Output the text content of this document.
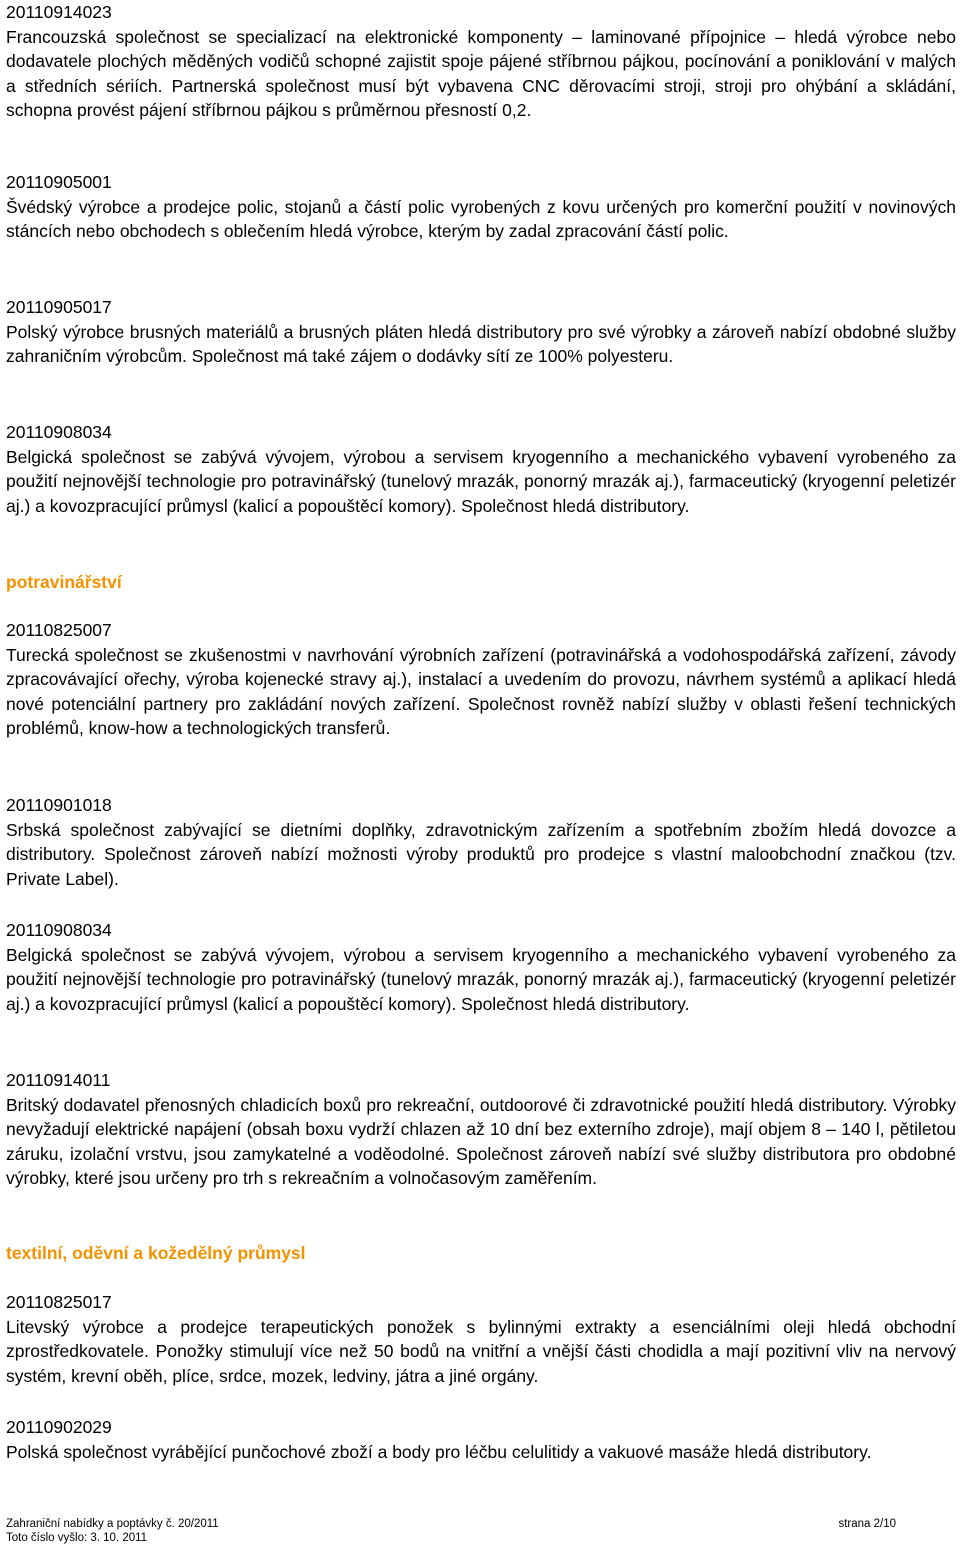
20110914023
Francouzská společnost se specializací na elektronické komponenty – laminované přípojnice – hledá výrobce nebo dodavatele plochých měděných vodičů schopné zajistit spoje pájené stříbrnou pájkou, pocínování a poniklování v malých a středních sériích. Partnerská společnost musí být vybavena CNC děrovacími stroji, stroji pro ohýbání a skládání, schopna provést pájení stříbrnou pájkou s průměrnou přesností 0,2.
20110905001
Švédský výrobce a prodejce polic, stojanů a částí polic vyrobených z kovu určených pro komerční použití v novinových stáncích nebo obchodech s oblečením hledá výrobce, kterým by zadal zpracování částí polic.
20110905017
Polský výrobce brusných materiálů a brusných pláten hledá distributory pro své výrobky a zároveň nabízí obdobné služby zahraničním výrobcům. Společnost má také zájem o dodávky sítí ze 100% polyesteru.
20110908034
Belgická společnost se zabývá vývojem, výrobou a servisem kryogenního a mechanického vybavení vyrobeného za použití nejnovější technologie pro potravinářský (tunelový mrazák, ponorný mrazák aj.), farmaceutický (kryogenní peletizér aj.) a kovozpracující průmysl (kalicí a popouštěcí komory). Společnost hledá distributory.
potravinářství
20110825007
Turecká společnost se zkušenostmi v navrhování výrobních zařízení (potravinářská a vodohospodářská zařízení, závody zpracovávající ořechy, výroba kojenecké stravy aj.), instalací a uvedením do provozu, návrhem systémů a aplikací hledá nové potenciální partnery pro zakládání nových zařízení. Společnost rovněž nabízí služby v oblasti řešení technických problémů, know-how a technologických transferů.
20110901018
Srbská společnost zabývající se dietními doplňky, zdravotnickým zařízením a spotřebním zbožím hledá dovozce a distributory. Společnost zároveň nabízí možnosti výroby produktů pro prodejce s vlastní maloobchodní značkou (tzv. Private Label).
20110908034
Belgická společnost se zabývá vývojem, výrobou a servisem kryogenního a mechanického vybavení vyrobeného za použití nejnovější technologie pro potravinářský (tunelový mrazák, ponorný mrazák aj.), farmaceutický (kryogenní peletizér aj.) a kovozpracující průmysl (kalicí a popouštěcí komory). Společnost hledá distributory.
20110914011
Britský dodavatel přenosných chladicích boxů pro rekreační, outdoorové či zdravotnické použití hledá distributory. Výrobky nevyžadují elektrické napájení (obsah boxu vydrží chlazen až 10 dní bez externího zdroje), mají objem 8 – 140 l, pětiletou záruku, izolační vrstvu, jsou zamykatelné a voděodolné. Společnost zároveň nabízí své služby distributora pro obdobné výrobky, které jsou určeny pro trh s rekreačním a volnočasovým zaměřením.
textilní, oděvní a kožedělný průmysl
20110825017
Litevský výrobce a prodejce terapeutických ponožek s bylinnými extrakty a esenciálními oleji hledá obchodní zprostředkovatele. Ponožky stimulují více než 50 bodů na vnitřní a vnější části chodidla a mají pozitivní vliv na nervový systém, krevní oběh, plíce, srdce, mozek, ledviny, játra a jiné orgány.
20110902029
Polská společnost vyrábějící punčochové zboží a body pro léčbu celulitidy a vakuové masáže hledá distributory.
Zahraniční nabídky a poptávky č. 20/2011
Toto číslo vyšlo: 3. 10. 2011
strana 2/10
